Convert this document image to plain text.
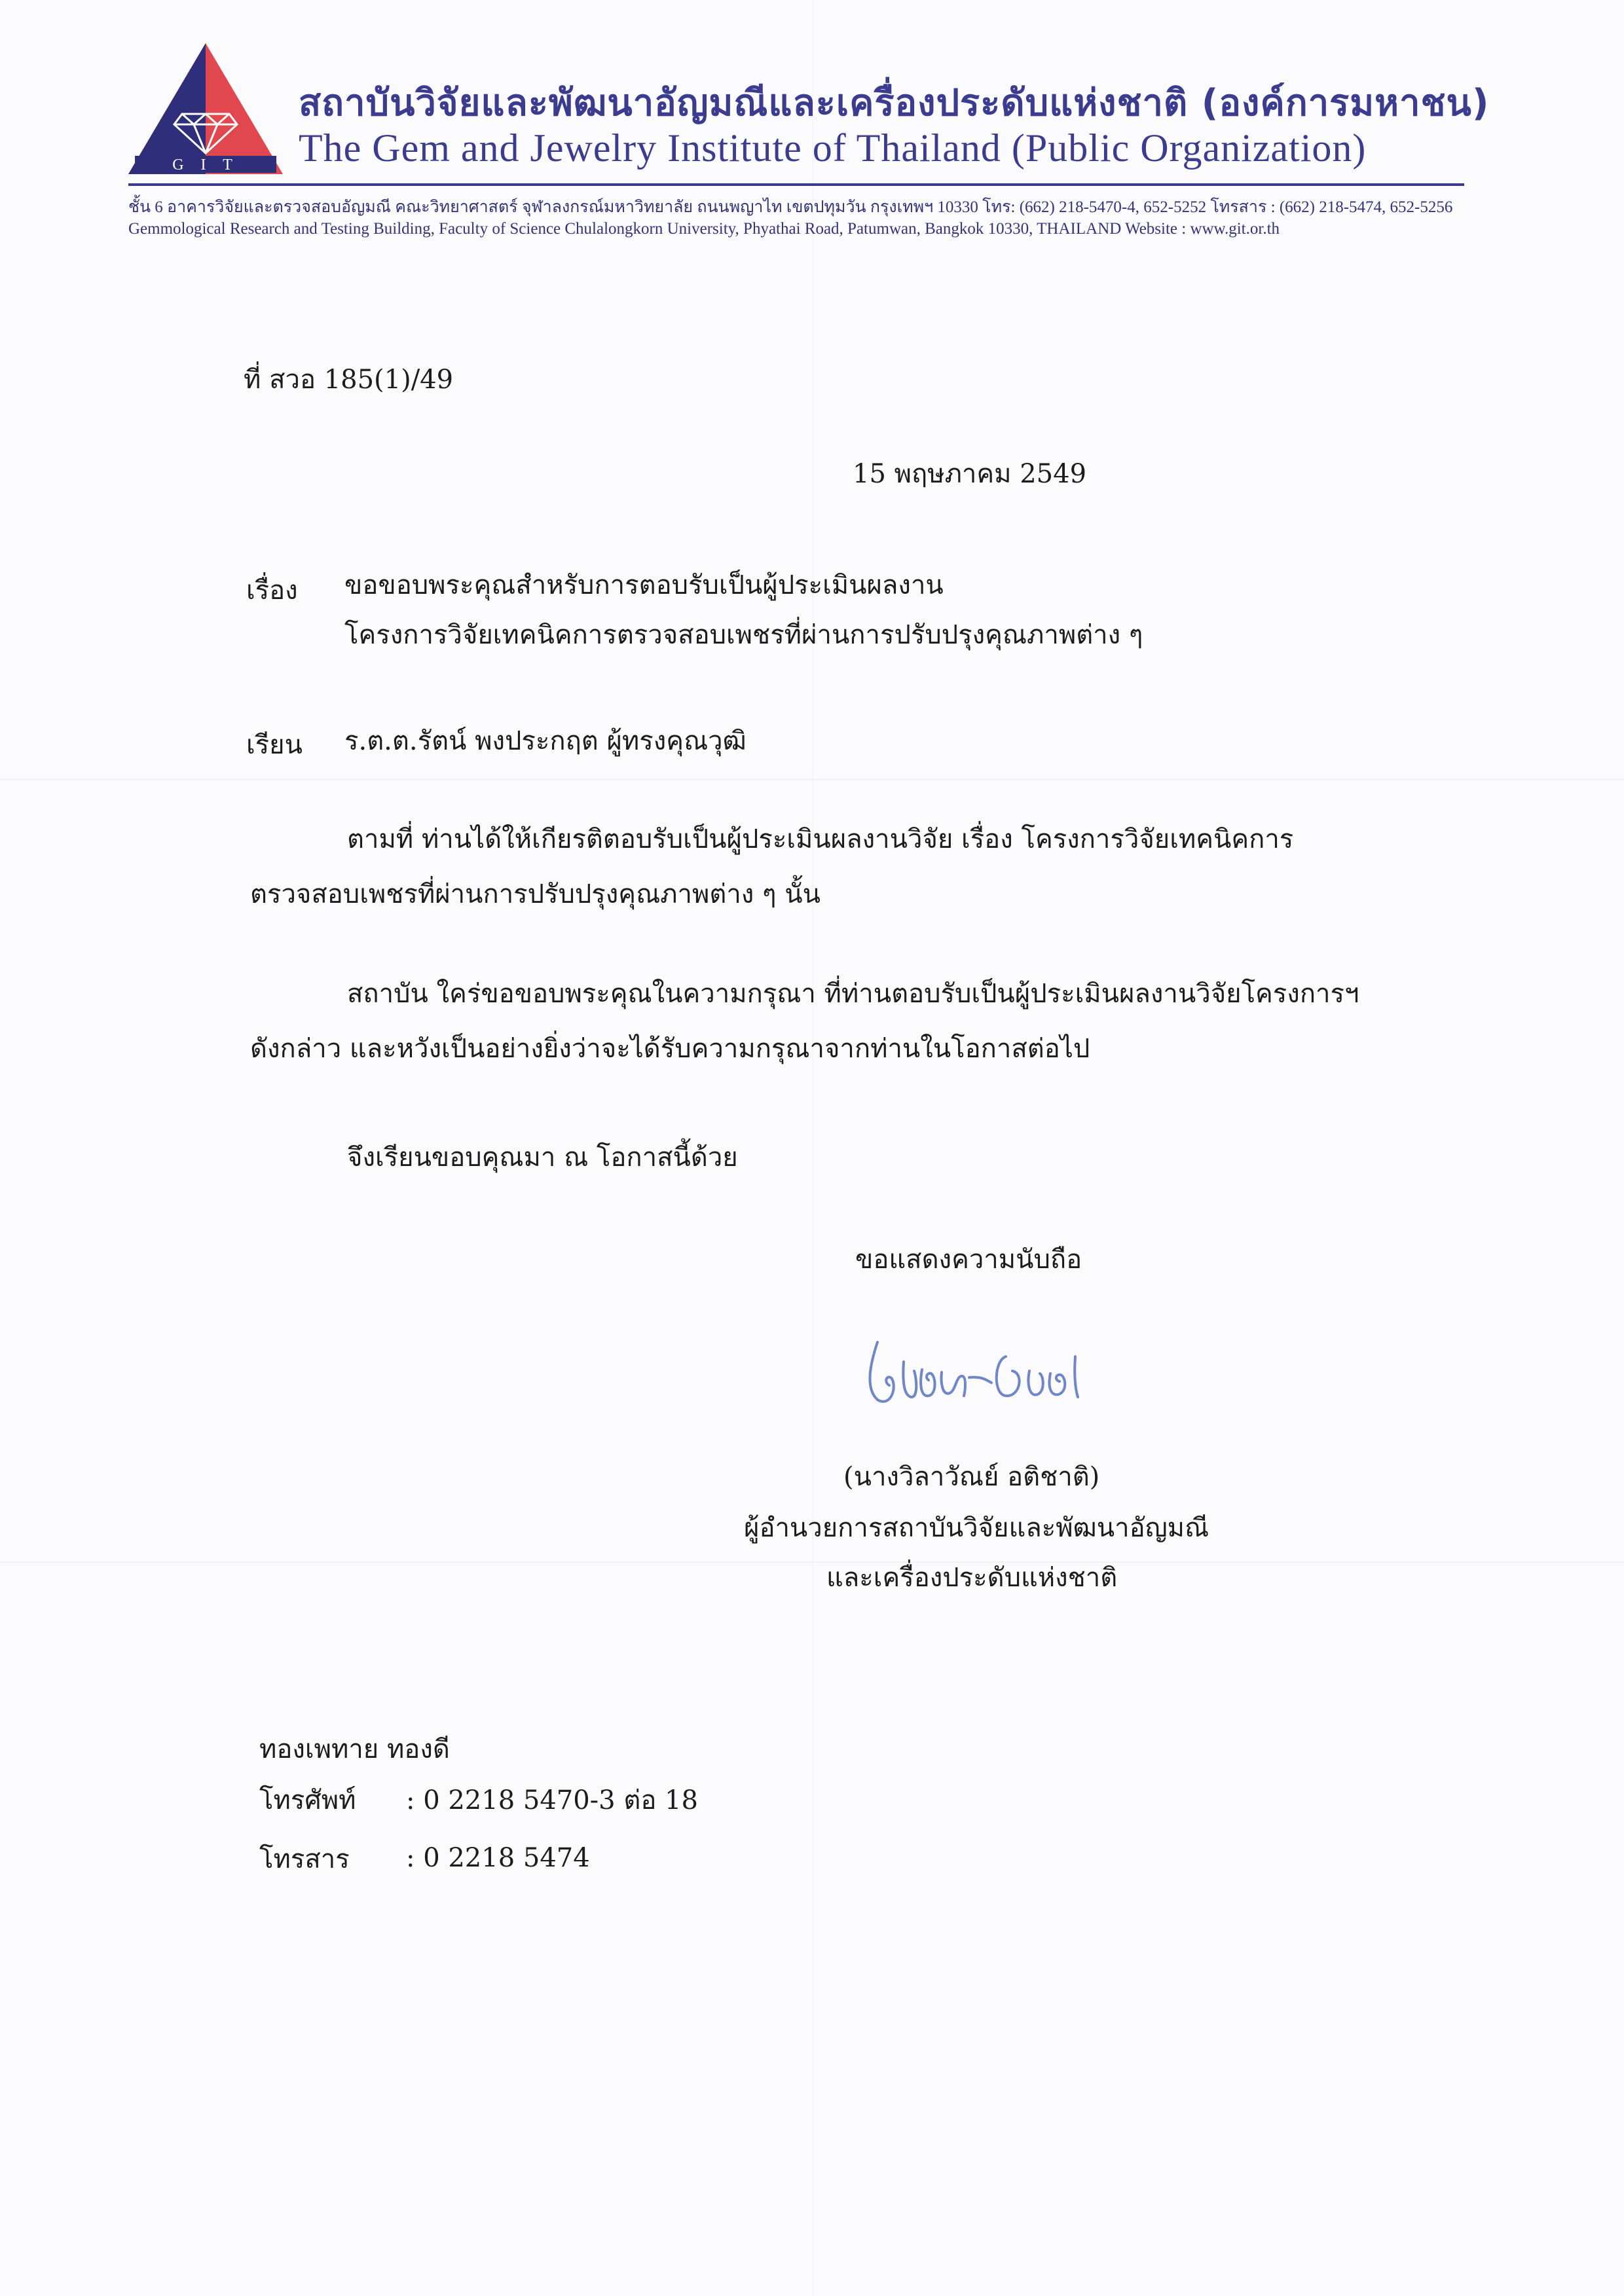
G I T
สถาบันวิจัยและพัฒนาอัญมณีและเครื่องประดับแห่งชาติ (องค์การมหาชน)
The Gem and Jewelry Institute of Thailand (Public Organization)
ชั้น 6 อาคารวิจัยและตรวจสอบอัญมณี คณะวิทยาศาสตร์ จุฬาลงกรณ์มหาวิทยาลัย ถนนพญาไท เขตปทุมวัน กรุงเทพฯ 10330 โทร: (662) 218-5470-4, 652-5252 โทรสาร : (662) 218-5474, 652-5256
Gemmological Research and Testing Building, Faculty of Science Chulalongkorn University, Phyathai Road, Patumwan, Bangkok 10330, THAILAND Website : www.git.or.th
ที่ สวอ 185(1)/49
15 พฤษภาคม 2549
เรื่อง ขอขอบพระคุณสำหรับการตอบรับเป็นผู้ประเมินผลงาน
โครงการวิจัยเทคนิคการตรวจสอบเพชรที่ผ่านการปรับปรุงคุณภาพต่าง ๆ
เรียน ร.ต.ต.รัตน์ พงประกฤต ผู้ทรงคุณวุฒิ
ตามที่ ท่านได้ให้เกียรติตอบรับเป็นผู้ประเมินผลงานวิจัย เรื่อง โครงการวิจัยเทคนิคการ
ตรวจสอบเพชรที่ผ่านการปรับปรุงคุณภาพต่าง ๆ นั้น
สถาบัน ใคร่ขอขอบพระคุณในความกรุณา ที่ท่านตอบรับเป็นผู้ประเมินผลงานวิจัยโครงการฯ
ดังกล่าว และหวังเป็นอย่างยิ่งว่าจะได้รับความกรุณาจากท่านในโอกาสต่อไป
จึงเรียนขอบคุณมา ณ โอกาสนี้ด้วย
ขอแสดงความนับถือ
(นางวิลาวัณย์ อติชาติ)
ผู้อำนวยการสถาบันวิจัยและพัฒนาอัญมณี
และเครื่องประดับแห่งชาติ
ทองเพทาย ทองดี
โทรศัพท์ : 0 2218 5470-3 ต่อ 18
โทรสาร : 0 2218 5474
